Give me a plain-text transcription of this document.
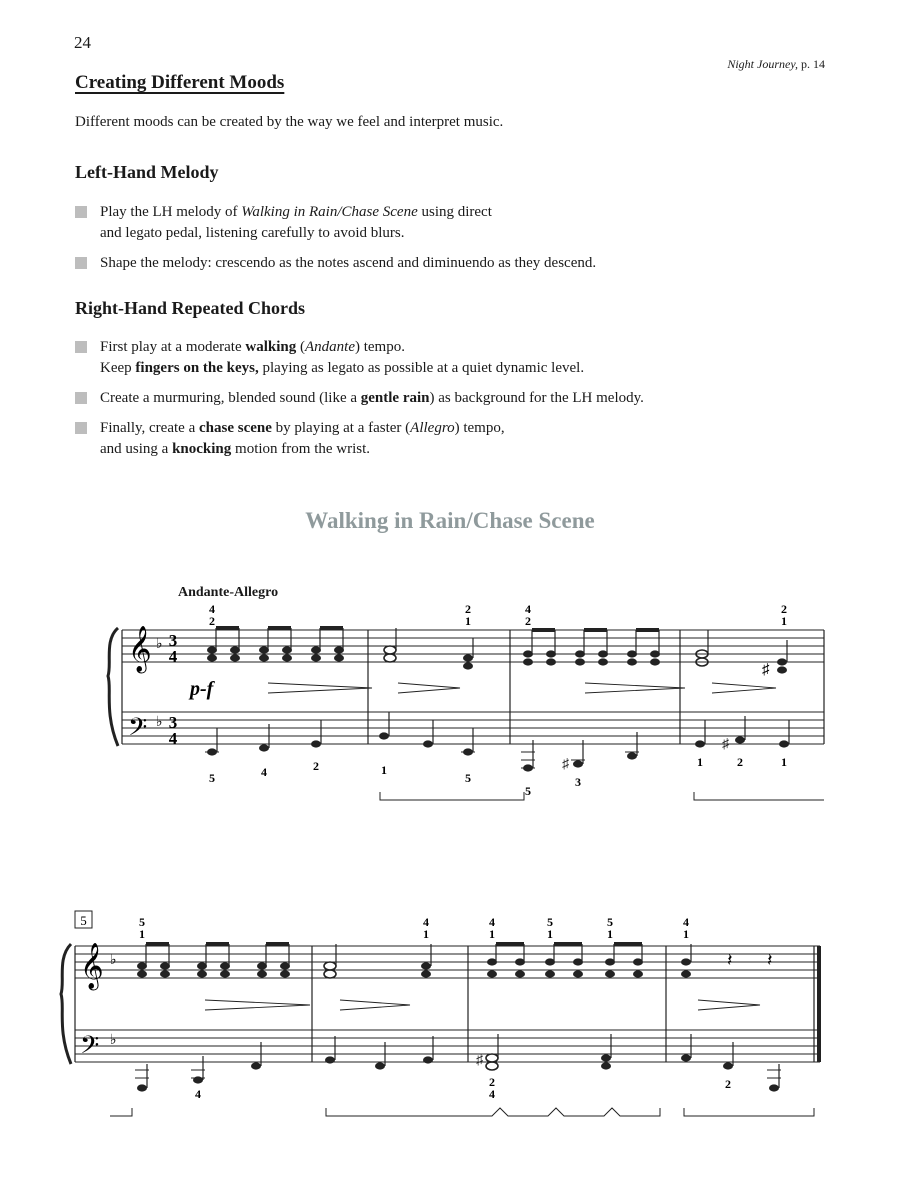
24
Night Journey, p. 14
Creating Different Moods

Different moods can be created by the way we feel and interpret music.

Left-Hand Melody
Play the LH melody of Walking in Rain/Chase Scene using direct
and legato pedal, listening carefully to avoid blurs.
Shape the melody: crescendo as the notes ascend and diminuendo as they descend.
Right-Hand Repeated Chords
First play at a moderate walking (Andante) tempo.
Keep fingers on the keys, playing as legato as possible at a quiet dynamic level.
Create a murmuring, blended sound (like a gentle rain) as background for the LH melody.
Finally, create a chase scene by playing at a faster (Allegro) tempo,
and using a knocking motion from the wrist.
Walking in Rain/Chase Scene
Andante-Allegro
𝄞
𝄢
♭
♭
3
4
3
4
♯
4
2
2
1
4
2
2
1
p-f
♯
♯
5	4	2	1
5
5
3
1	2	1
5
𝄞
𝄢
♭
♭
𝄽 𝄽
5
1
4
1
4
1
5
1
5
1
4
1
♯
4
2
4
2
